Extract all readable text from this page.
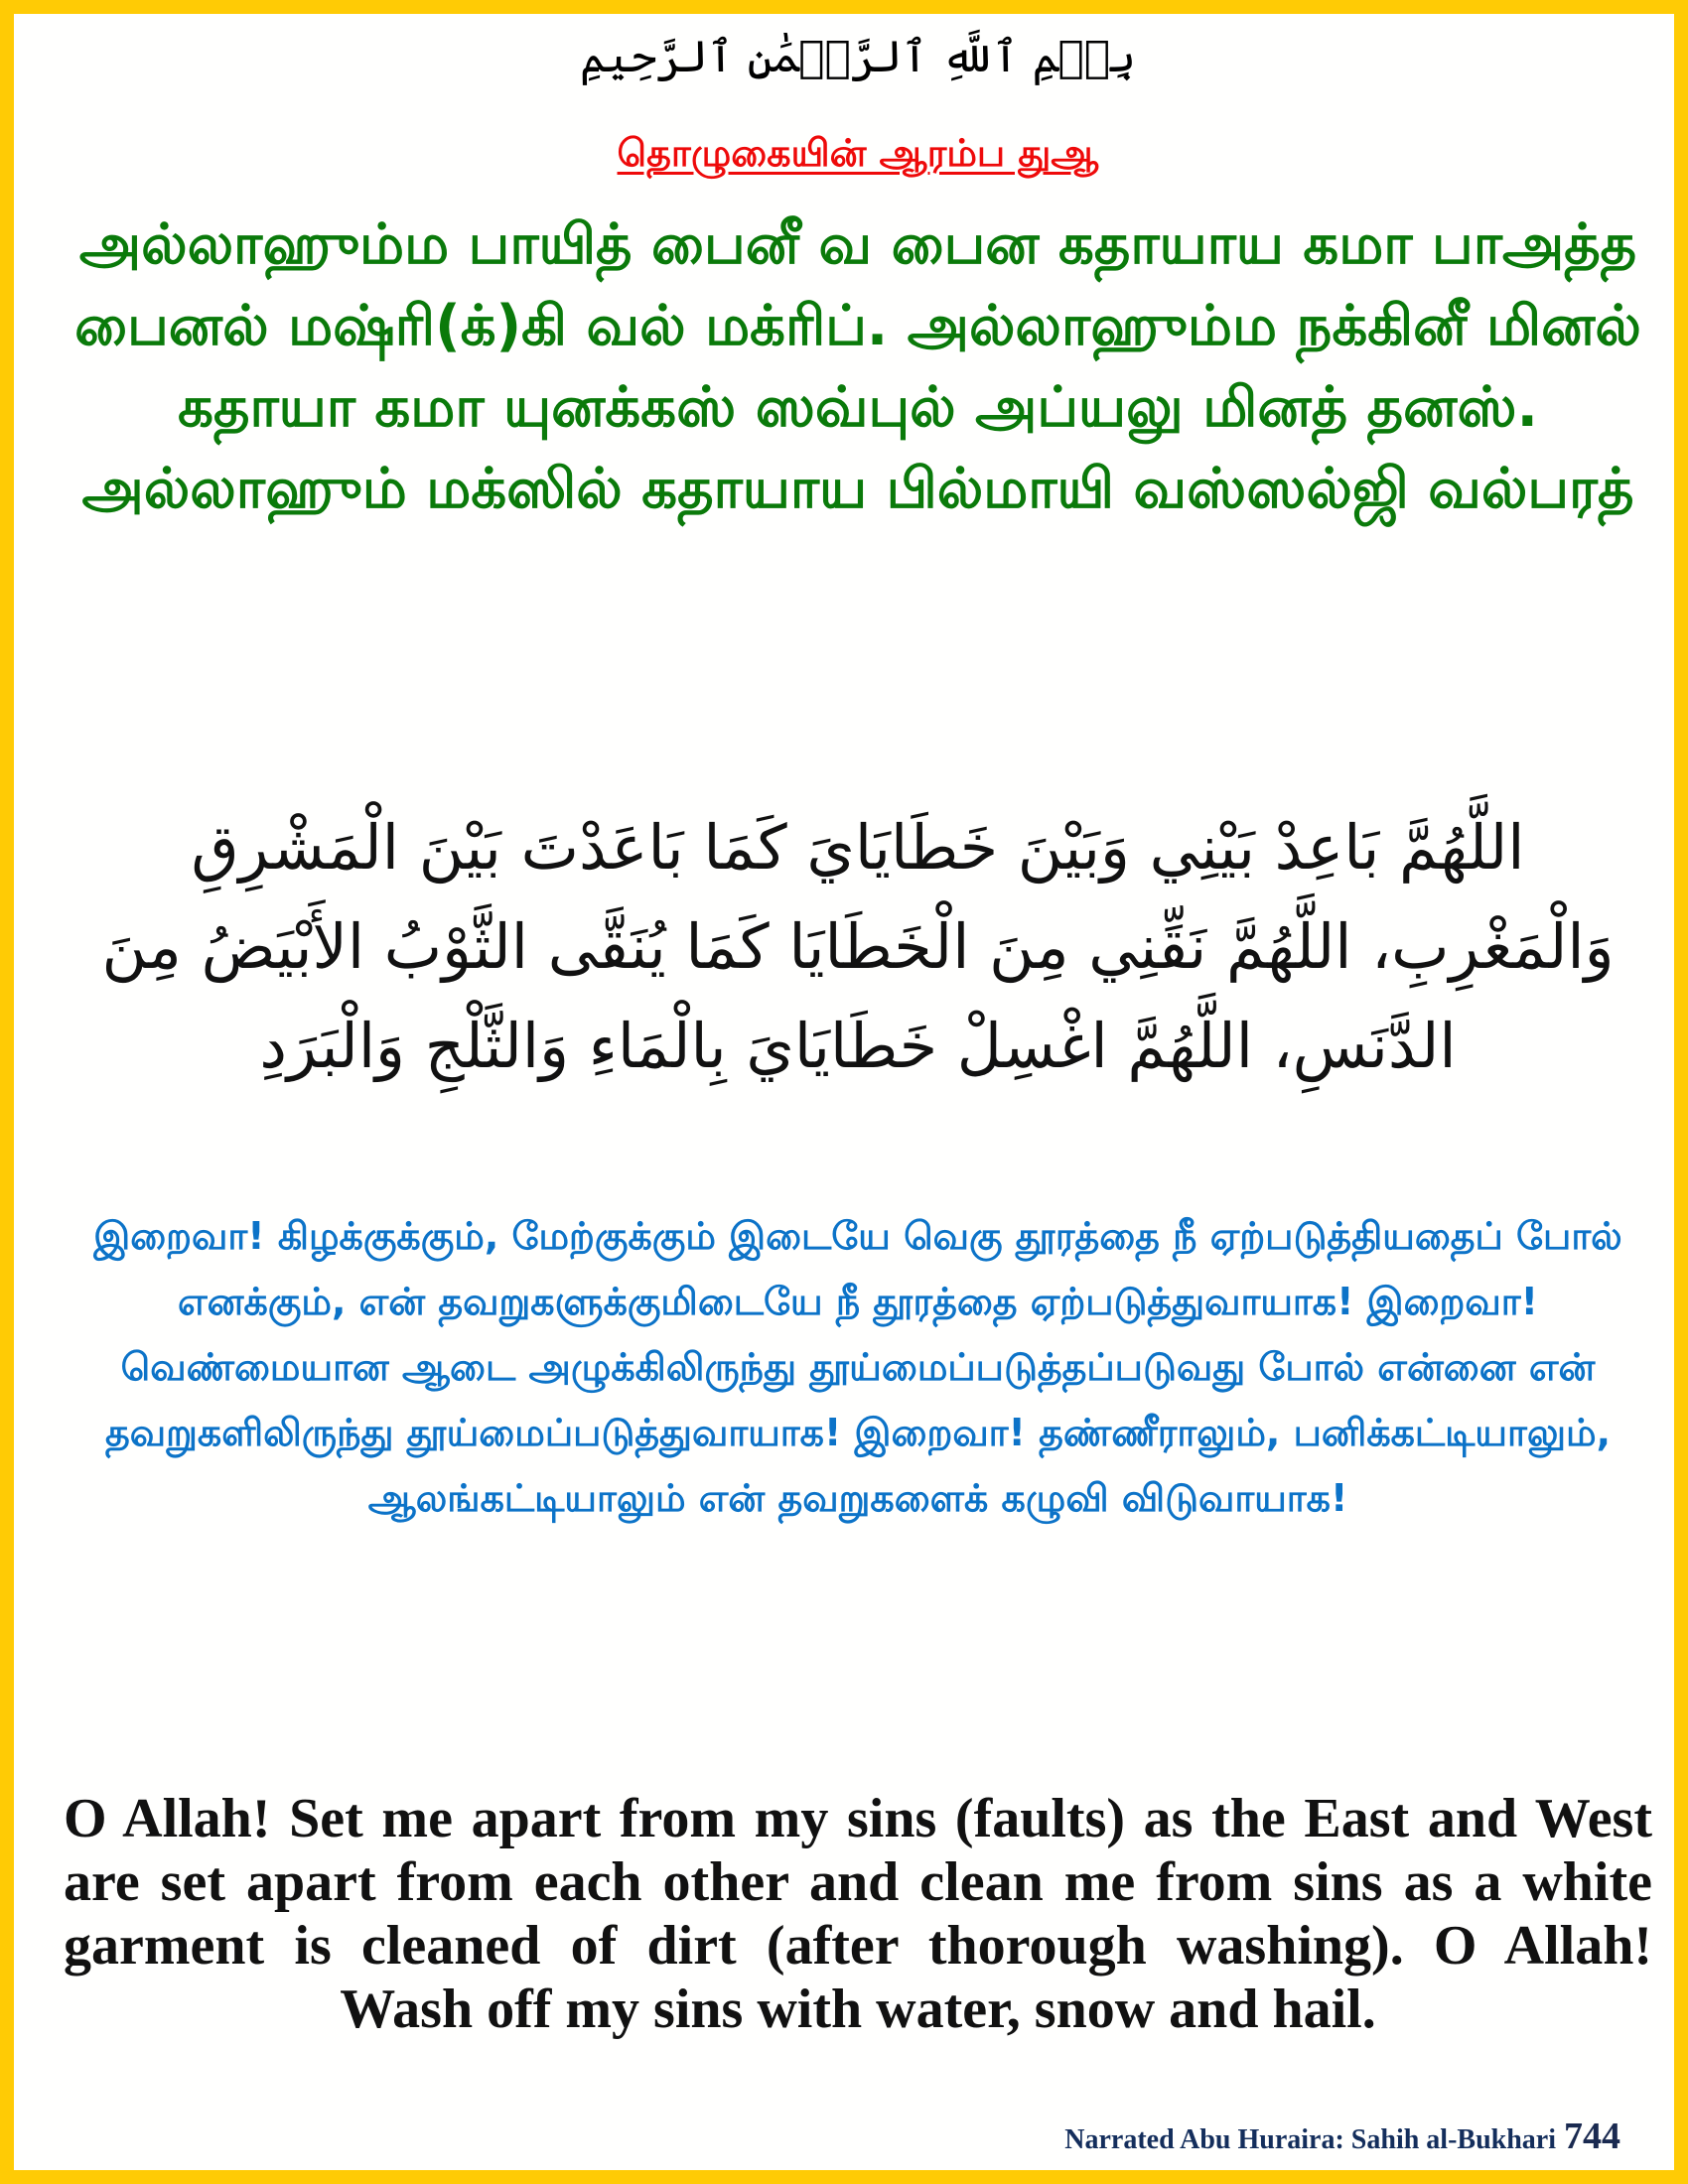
بِسۡمِ ٱللَّهِ ٱلرَّحۡمَٰنِ ٱلرَّحِيمِ
தொழுகையின் ஆரம்ப துஆ
அல்லாஹும்ம பாயித் பைனீ வ பைன கதாயாய கமா பாஅத்த பைனல் மஷ்ரி(க்)கி வல் மக்ரிப். அல்லாஹும்ம நக்கினீ மினல் கதாயா கமா யுனக்கஸ் ஸவ்புல் அப்யலு மினத் தனஸ். அல்லாஹும் மக்ஸில் கதாயாய பில்மாயி வஸ்ஸல்ஜி வல்பரத்
اللَّهُمَّ بَاعِدْ بَيْنِي وَبَيْنَ خَطَايَايَ كَمَا بَاعَدْتَ بَيْنَ الْمَشْرِقِ وَالْمَغْرِبِ، اللَّهُمَّ نَقِّنِي مِنَ الْخَطَايَا كَمَا يُنَقَّى الثَّوْبُ الأَبْيَضُ مِنَ الدَّنَسِ، اللَّهُمَّ اغْسِلْ خَطَايَايَ بِالْمَاءِ وَالثَّلْجِ وَالْبَرَدِ
இறைவா! கிழக்குக்கும், மேற்குக்கும் இடையே வெகு தூரத்தை நீ ஏற்படுத்தியதைப் போல் எனக்கும், என் தவறுகளுக்குமிடையே நீ தூரத்தை ஏற்படுத்துவாயாக! இறைவா! வெண்மையான ஆடை அழுக்கிலிருந்து தூய்மைப்படுத்தப்படுவது போல் என்னை என் தவறுகளிலிருந்து தூய்மைப்படுத்துவாயாக! இறைவா! தண்ணீராலும், பனிக்கட்டியாலும், ஆலங்கட்டியாலும் என் தவறுகளைக் கழுவி விடுவாயாக!
O Allah! Set me apart from my sins (faults) as the East and West are set apart from each other and clean me from sins as a white garment is cleaned of dirt (after thorough washing). O Allah! Wash off my sins with water, snow and hail.
Narrated Abu Huraira: Sahih al-Bukhari 744
